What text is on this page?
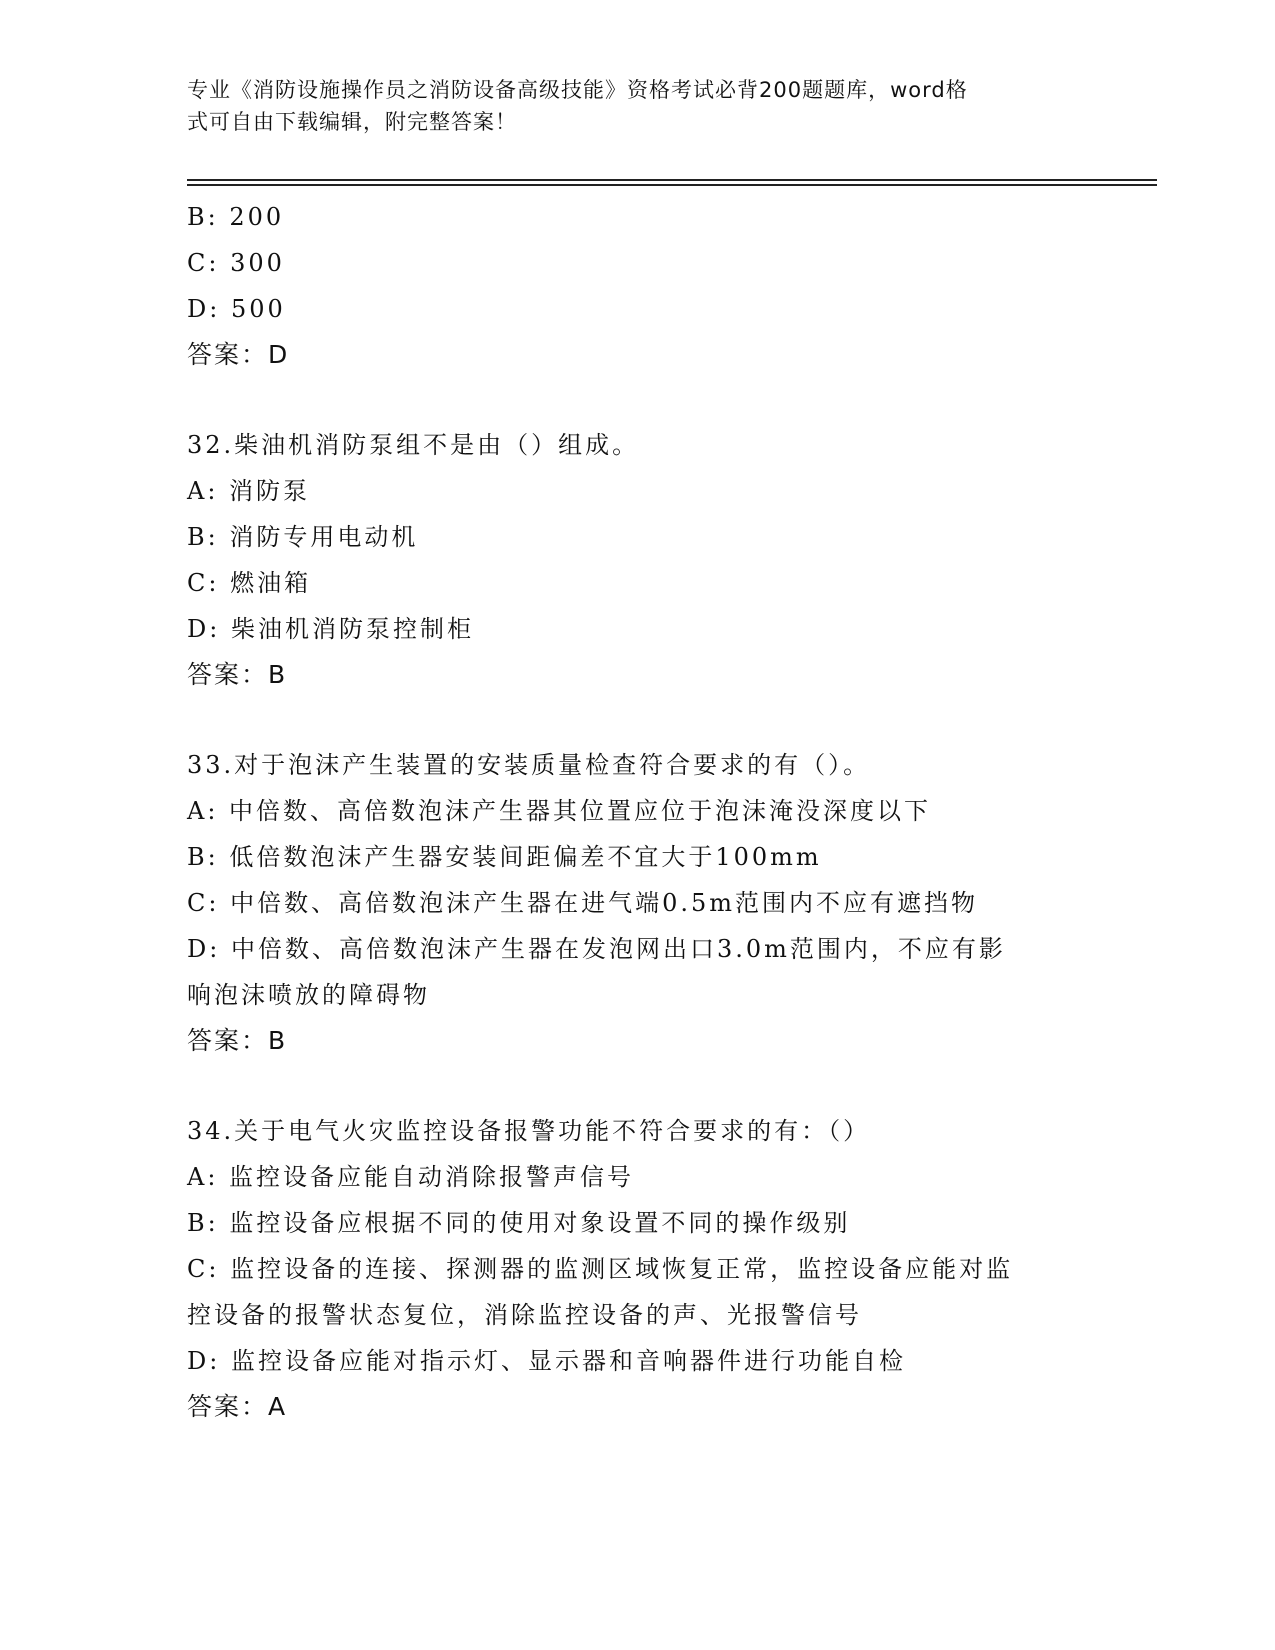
专业《消防设施操作员之消防设备高级技能》资格考试必背200题题库，word格
式可自由下载编辑，附完整答案！
B: 200
C: 300
D: 500
答案：D
32.柴油机消防泵组不是由（）组成。
A: 消防泵
B: 消防专用电动机
C: 燃油箱
D: 柴油机消防泵控制柜
答案：B
33.对于泡沫产生装置的安装质量检查符合要求的有（）。
A: 中倍数、高倍数泡沫产生器其位置应位于泡沫淹没深度以下
B: 低倍数泡沫产生器安装间距偏差不宜大于100mm
C: 中倍数、高倍数泡沫产生器在进气端0.5m范围内不应有遮挡物
D: 中倍数、高倍数泡沫产生器在发泡网出口3.0m范围内，不应有影
响泡沫喷放的障碍物
答案：B
34.关于电气火灾监控设备报警功能不符合要求的有：（）
A: 监控设备应能自动消除报警声信号
B: 监控设备应根据不同的使用对象设置不同的操作级别
C: 监控设备的连接、探测器的监测区域恢复正常，监控设备应能对监
控设备的报警状态复位，消除监控设备的声、光报警信号
D: 监控设备应能对指示灯、显示器和音响器件进行功能自检
答案：A
